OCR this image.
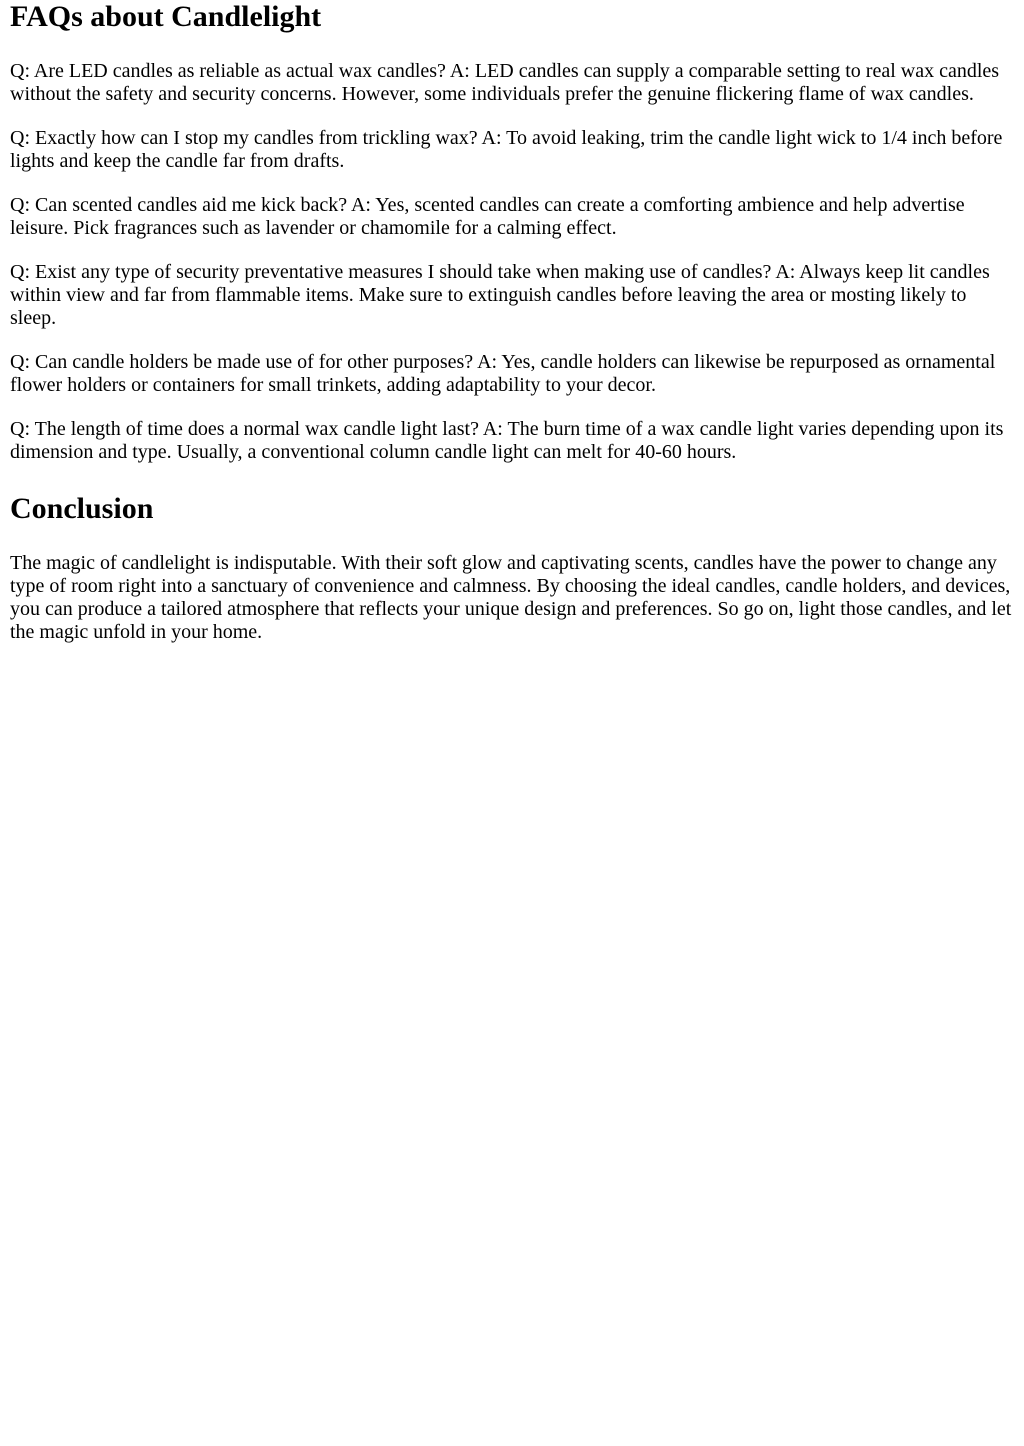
FAQs about Candlelight

Q: Are LED candles as reliable as actual wax candles? A: LED candles can supply a comparable setting to real wax candles without the safety and security concerns. However, some individuals prefer the genuine flickering flame of wax candles.

Q: Exactly how can I stop my candles from trickling wax? A: To avoid leaking, trim the candle light wick to 1/4 inch before lights and keep the candle far from drafts.

Q: Can scented candles aid me kick back? A: Yes, scented candles can create a comforting ambience and help advertise leisure. Pick fragrances such as lavender or chamomile for a calming effect.

Q: Exist any type of security preventative measures I should take when making use of candles? A: Always keep lit candles within view and far from flammable items. Make sure to extinguish candles before leaving the area or mosting likely to sleep.

Q: Can candle holders be made use of for other purposes? A: Yes, candle holders can likewise be repurposed as ornamental flower holders or containers for small trinkets, adding adaptability to your decor.

Q: The length of time does a normal wax candle light last? A: The burn time of a wax candle light varies depending upon its dimension and type. Usually, a conventional column candle light can melt for 40-60 hours.

Conclusion

The magic of candlelight is indisputable. With their soft glow and captivating scents, candles have the power to change any type of room right into a sanctuary of convenience and calmness. By choosing the ideal candles, candle holders, and devices, you can produce a tailored atmosphere that reflects your unique design and preferences. So go on, light those candles, and let the magic unfold in your home.
